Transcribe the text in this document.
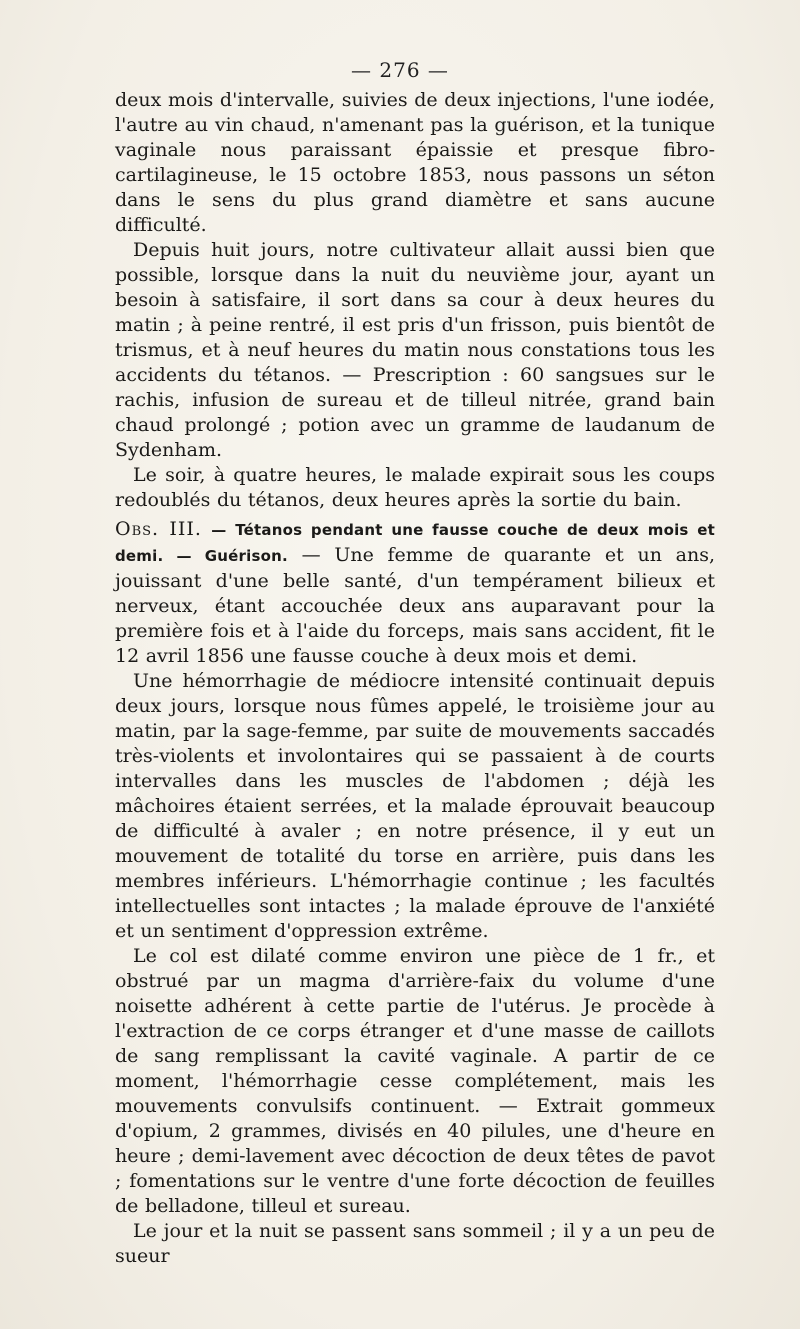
— 276 —

deux mois d'intervalle, suivies de deux injections, l'une iodée, l'autre au vin chaud, n'amenant pas la guérison, et la tunique vaginale nous paraissant épaissie et presque fibro-cartilagineuse, le 15 octobre 1853, nous passons un séton dans le sens du plus grand diamètre et sans aucune difficulté.

Depuis huit jours, notre cultivateur allait aussi bien que possible, lorsque dans la nuit du neuvième jour, ayant un besoin à satisfaire, il sort dans sa cour à deux heures du matin ; à peine rentré, il est pris d'un frisson, puis bientôt de trismus, et à neuf heures du matin nous constations tous les accidents du tétanos. — Prescription : 60 sangsues sur le rachis, infusion de sureau et de tilleul nitrée, grand bain chaud prolongé ; potion avec un gramme de laudanum de Sydenham.

Le soir, à quatre heures, le malade expirait sous les coups redoublés du tétanos, deux heures après la sortie du bain.

Obs. III. — Tétanos pendant une fausse couche de deux mois et demi. — Guérison. — Une femme de quarante et un ans, jouissant d'une belle santé, d'un tempérament bilieux et nerveux, étant accouchée deux ans auparavant pour la première fois et à l'aide du forceps, mais sans accident, fit le 12 avril 1856 une fausse couche à deux mois et demi.

Une hémorrhagie de médiocre intensité continuait depuis deux jours, lorsque nous fûmes appelé, le troisième jour au matin, par la sage-femme, par suite de mouvements saccadés très-violents et involontaires qui se passaient à de courts intervalles dans les muscles de l'abdomen ; déjà les mâchoires étaient serrées, et la malade éprouvait beaucoup de difficulté à avaler ; en notre présence, il y eut un mouvement de totalité du torse en arrière, puis dans les membres inférieurs. L'hémorrhagie continue ; les facultés intellectuelles sont intactes ; la malade éprouve de l'anxiété et un sentiment d'oppression extrême.

Le col est dilaté comme environ une pièce de 1 fr., et obstrué par un magma d'arrière-faix du volume d'une noisette adhérent à cette partie de l'utérus. Je procède à l'extraction de ce corps étranger et d'une masse de caillots de sang remplissant la cavité vaginale. A partir de ce moment, l'hémorrhagie cesse complétement, mais les mouvements convulsifs continuent. — Extrait gommeux d'opium, 2 grammes, divisés en 40 pilules, une d'heure en heure ; demi-lavement avec décoction de deux têtes de pavot ; fomentations sur le ventre d'une forte décoction de feuilles de belladone, tilleul et sureau.

Le jour et la nuit se passent sans sommeil ; il y a un peu de sueur
